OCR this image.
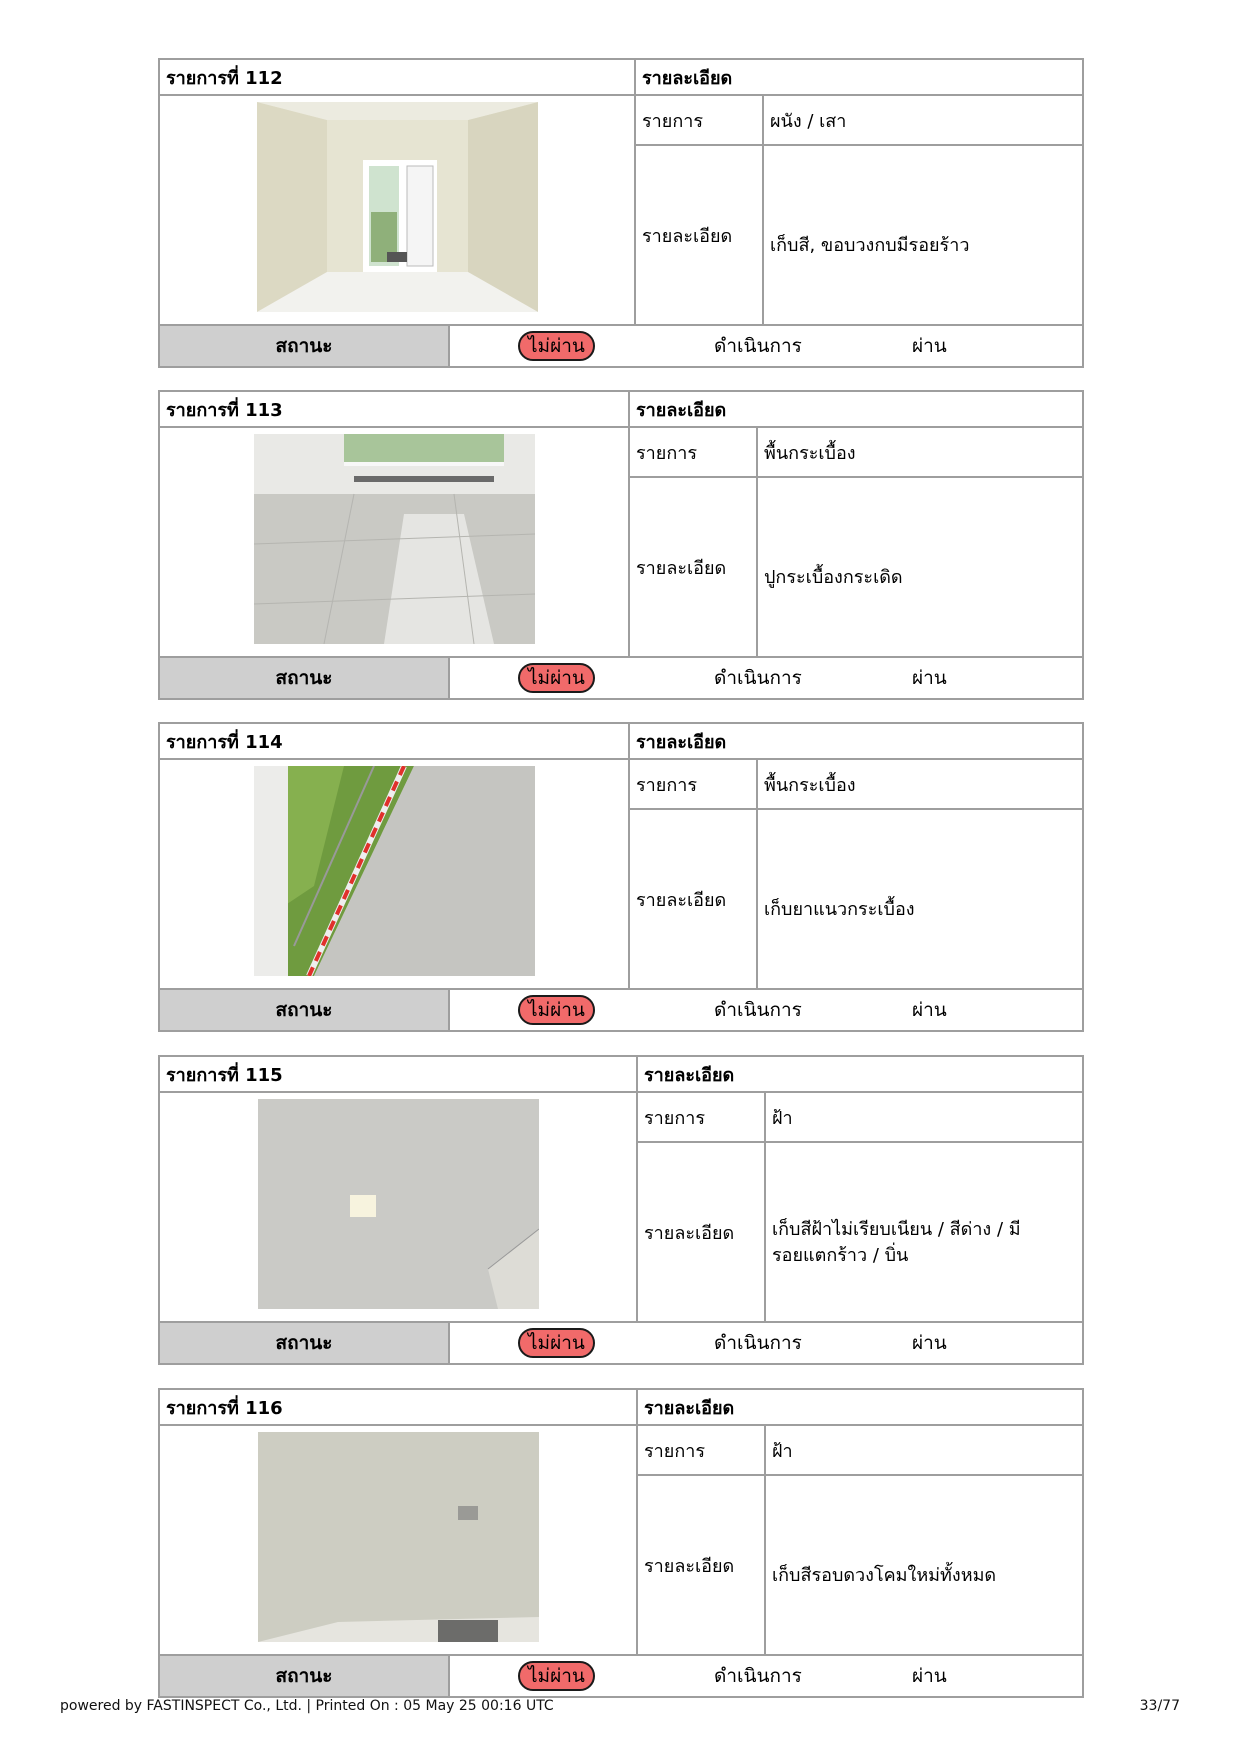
รายการที่ 112	รายละเอียด
รายการ	ผนัง / เสา
รายละเอียด	เก็บสี, ขอบวงกบมีรอยร้าว
สถานะ	ไม่ผ่าน	ดำเนินการ	ผ่าน
รายการที่ 113	รายละเอียด
รายการ	พื้นกระเบื้อง
รายละเอียด	ปูกระเบื้องกระเดิด
สถานะ	ไม่ผ่าน	ดำเนินการ	ผ่าน
รายการที่ 114	รายละเอียด
รายการ	พื้นกระเบื้อง
รายละเอียด	เก็บยาแนวกระเบื้อง
สถานะ	ไม่ผ่าน	ดำเนินการ	ผ่าน
รายการที่ 115	รายละเอียด
รายการ	ฝ้า
รายละเอียด	เก็บสีฝ้าไม่เรียบเนียน / สีด่าง / มีรอยแตกร้าว / บิ่น
สถานะ	ไม่ผ่าน	ดำเนินการ	ผ่าน
รายการที่ 116	รายละเอียด
รายการ	ฝ้า
รายละเอียด	เก็บสีรอบดวงโคมใหม่ทั้งหมด
สถานะ	ไม่ผ่าน	ดำเนินการ	ผ่าน
powered by FASTINSPECT Co., Ltd. | Printed On : 05 May 25 00:16 UTC	33/77
